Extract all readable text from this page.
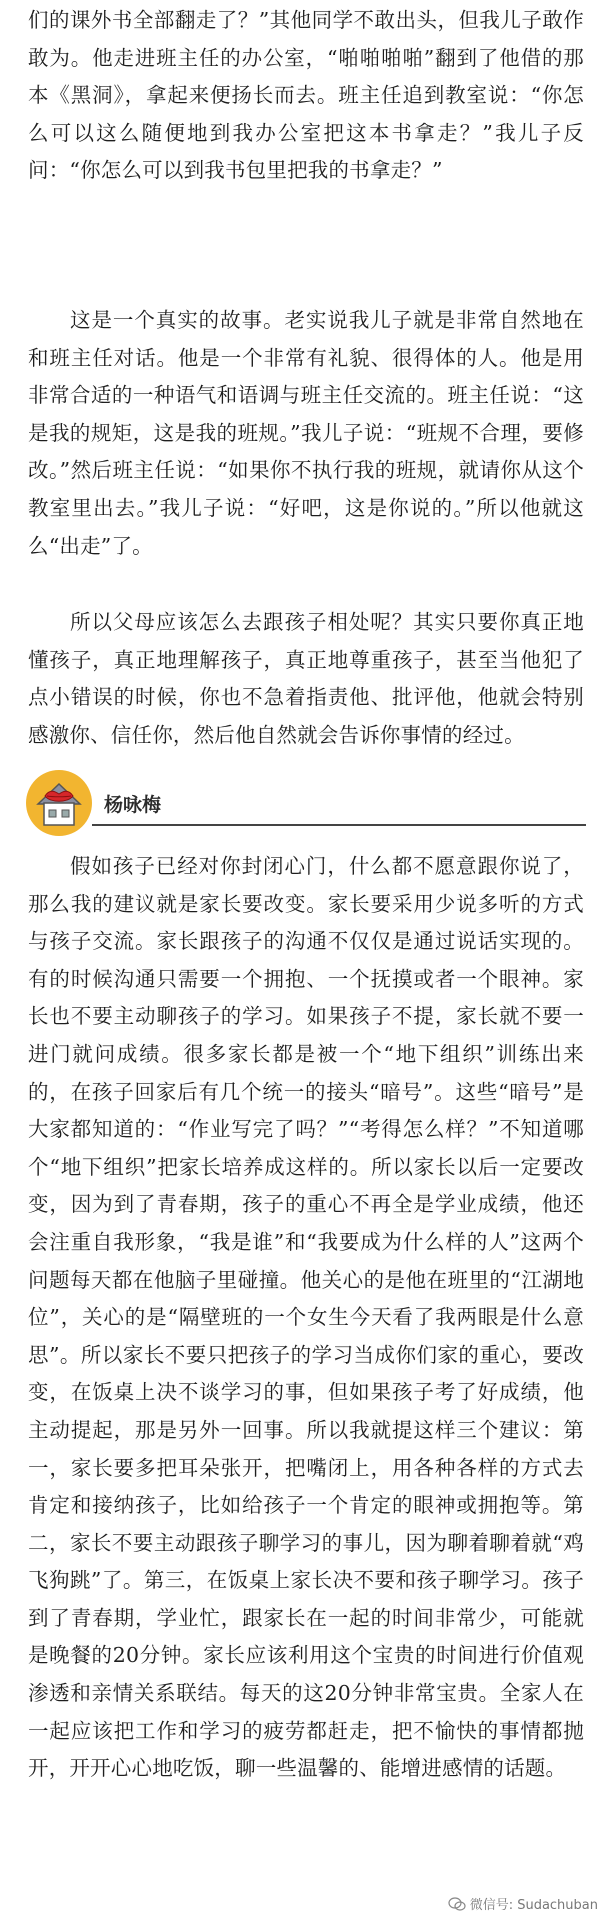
们的课外书全部翻走了？”其他同学不敢出头，但我儿子敢作敢为。他走进班主任的办公室，“啪啪啪啪”翻到了他借的那本《黑洞》，拿起来便扬长而去。班主任追到教室说：“你怎么可以这么随便地到我办公室把这本书拿走？”我儿子反问：“你怎么可以到我书包里把我的书拿走？”

这是一个真实的故事。老实说我儿子就是非常自然地在和班主任对话。他是一个非常有礼貌、很得体的人。他是用非常合适的一种语气和语调与班主任交流的。班主任说：“这是我的规矩，这是我的班规。”我儿子说：“班规不合理，要修改。”然后班主任说：“如果你不执行我的班规，就请你从这个教室里出去。”我儿子说：“好吧，这是你说的。”所以他就这么“出走”了。

所以父母应该怎么去跟孩子相处呢？其实只要你真正地懂孩子，真正地理解孩子，真正地尊重孩子，甚至当他犯了点小错误的时候，你也不急着指责他、批评他，他就会特别感激你、信任你，然后他自然就会告诉你事情的经过。

杨咏梅

假如孩子已经对你封闭心门，什么都不愿意跟你说了，那么我的建议就是家长要改变。家长要采用少说多听的方式与孩子交流。家长跟孩子的沟通不仅仅是通过说话实现的。有的时候沟通只需要一个拥抱、一个抚摸或者一个眼神。家长也不要主动聊孩子的学习。如果孩子不提，家长就不要一进门就问成绩。很多家长都是被一个“地下组织”训练出来的，在孩子回家后有几个统一的接头“暗号”。这些“暗号”是大家都知道的：“作业写完了吗？”“考得怎么样？”不知道哪个“地下组织”把家长培养成这样的。所以家长以后一定要改变，因为到了青春期，孩子的重心不再全是学业成绩，他还会注重自我形象，“我是谁”和“我要成为什么样的人”这两个问题每天都在他脑子里碰撞。他关心的是他在班里的“江湖地位”，关心的是“隔壁班的一个女生今天看了我两眼是什么意思”。所以家长不要只把孩子的学习当成你们家的重心，要改变，在饭桌上决不谈学习的事，但如果孩子考了好成绩，他主动提起，那是另外一回事。所以我就提这样三个建议：第一，家长要多把耳朵张开，把嘴闭上，用各种各样的方式去肯定和接纳孩子，比如给孩子一个肯定的眼神或拥抱等。第二，家长不要主动跟孩子聊学习的事儿，因为聊着聊着就“鸡飞狗跳”了。第三，在饭桌上家长决不要和孩子聊学习。孩子到了青春期，学业忙，跟家长在一起的时间非常少，可能就是晚餐的20分钟。家长应该利用这个宝贵的时间进行价值观渗透和亲情关系联结。每天的这20分钟非常宝贵。全家人在一起应该把工作和学习的疲劳都赶走，把不愉快的事情都抛开，开开心心地吃饭，聊一些温馨的、能增进感情的话题。

微信号: Sudachuban
